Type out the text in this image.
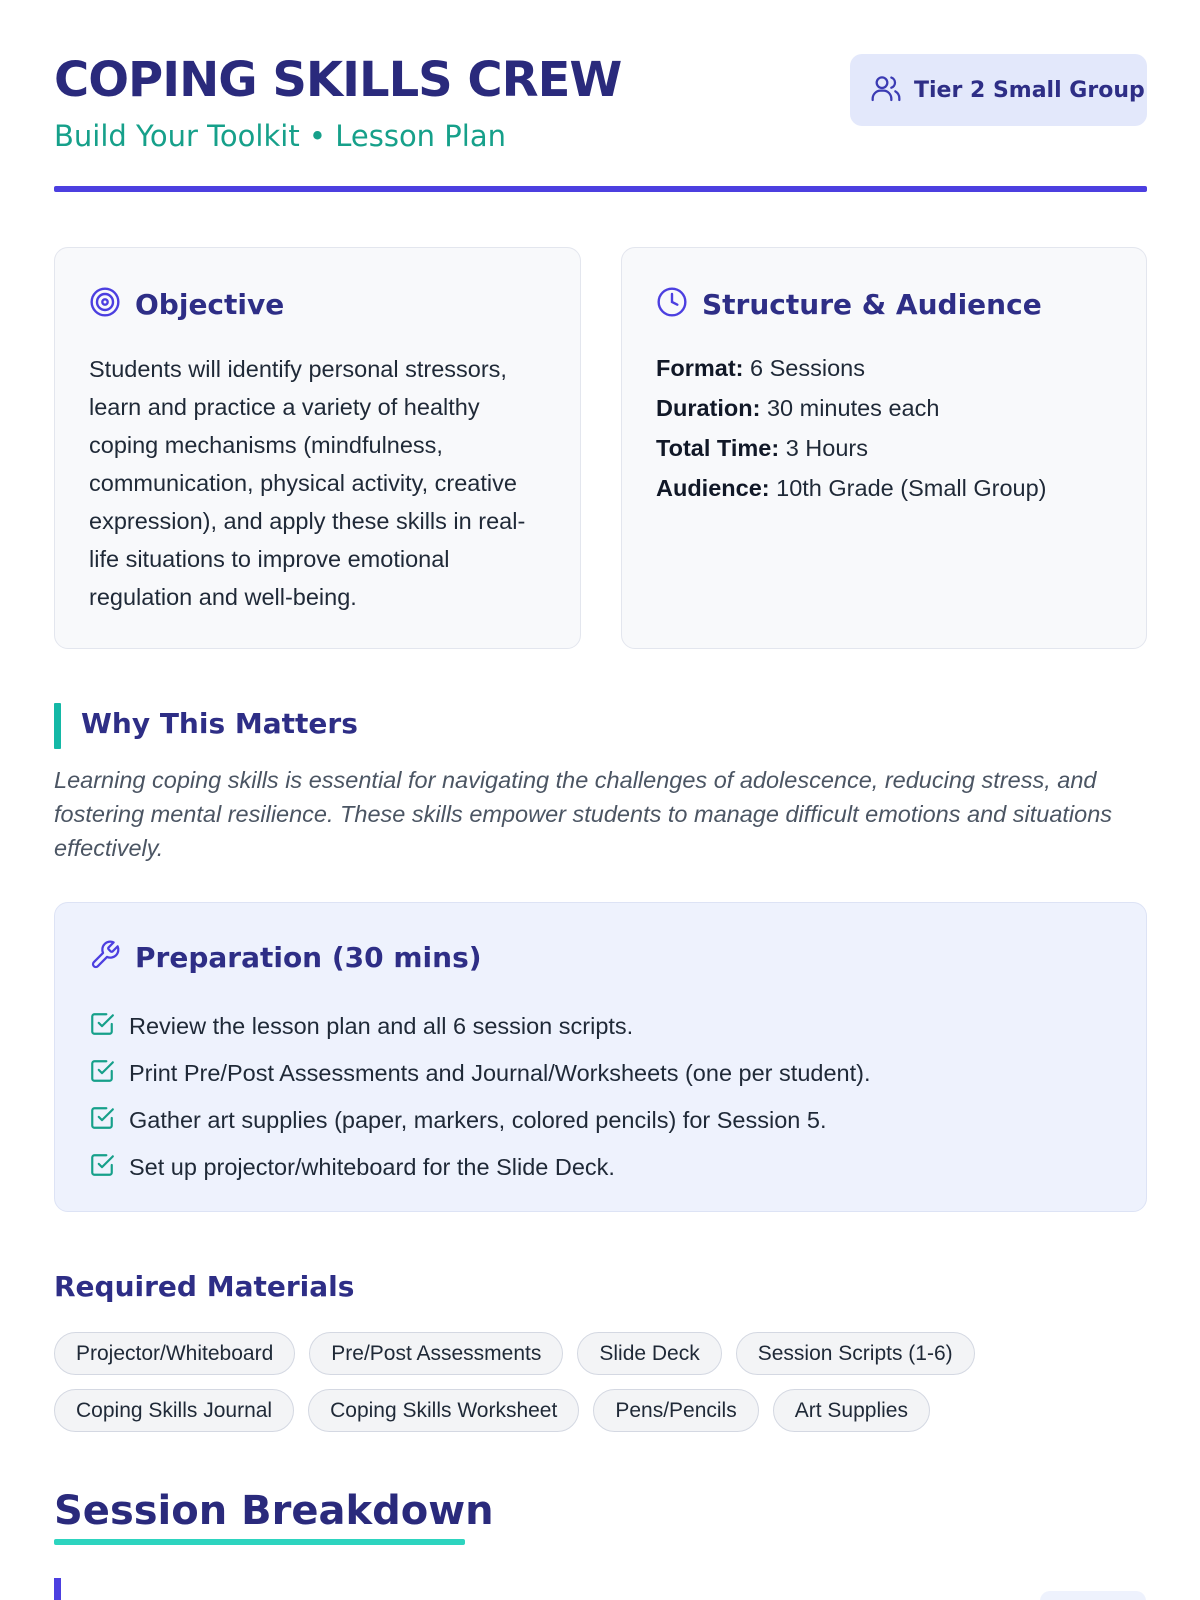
COPING SKILLS CREW
Build Your Toolkit • Lesson Plan
Tier 2 Small Group
Objective

Students will identify personal stressors, learn and practice a variety of healthy coping mechanisms (mindfulness, communication, physical activity, creative expression), and apply these skills in real-life situations to improve emotional regulation and well-being.

Structure & Audience
Format: 6 Sessions
Duration: 30 minutes each
Total Time: 3 Hours
Audience: 10th Grade (Small Group)
Why This Matters

Learning coping skills is essential for navigating the challenges of adolescence, reducing stress, and fostering mental resilience. These skills empower students to manage difficult emotions and situations effectively.

Preparation (30 mins)
Review the lesson plan and all 6 session scripts.
Print Pre/Post Assessments and Journal/Worksheets (one per student).
Gather art supplies (paper, markers, colored pencils) for Session 5.
Set up projector/whiteboard for the Slide Deck.
Required Materials
Projector/Whiteboard	Pre/Post Assessments	Slide Deck	Session Scripts (1-6)
Coping Skills Journal	Coping Skills Worksheet	Pens/Pencils	Art Supplies
Session Breakdown
